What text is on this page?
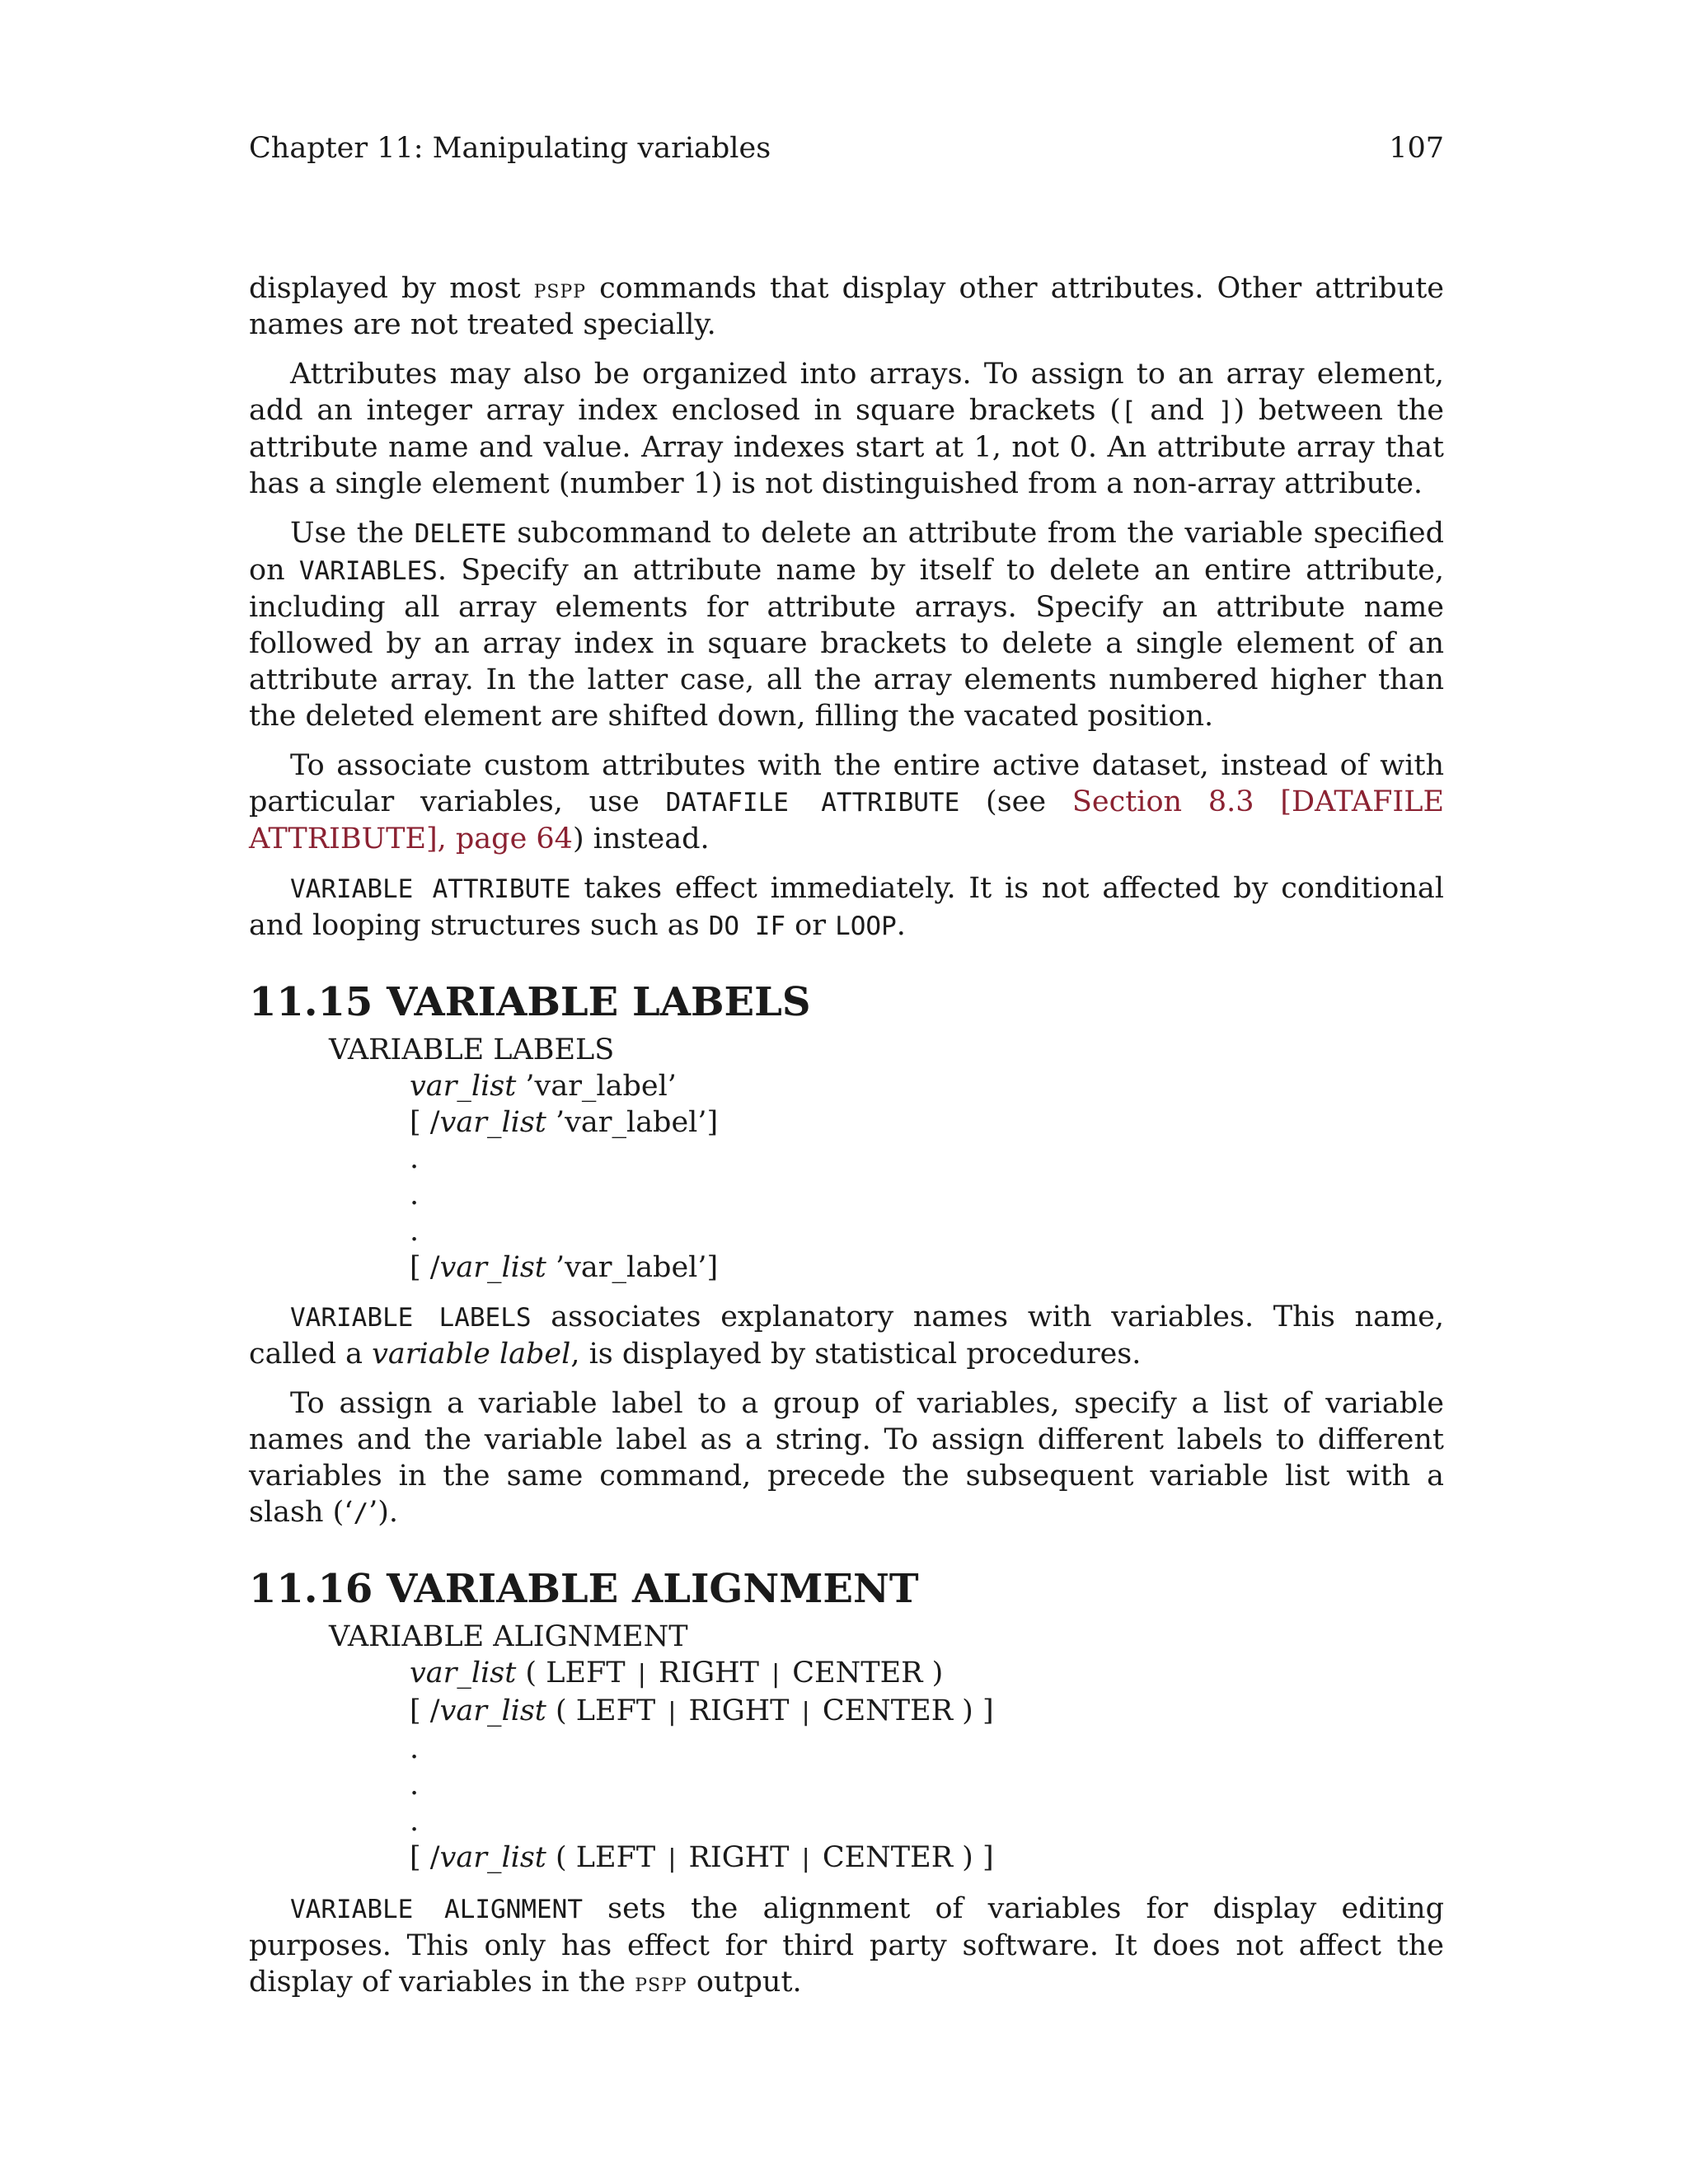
Chapter 11: Manipulating variables	107

displayed by most pspp commands that display other attributes. Other attribute names are not treated specially.

Attributes may also be organized into arrays. To assign to an array element, add an integer array index enclosed in square brackets ([ and ]) between the attribute name and value. Array indexes start at 1, not 0. An attribute array that has a single element (number 1) is not distinguished from a non-array attribute.

Use the DELETE subcommand to delete an attribute from the variable specified on VARIABLES. Specify an attribute name by itself to delete an entire attribute, including all array elements for attribute arrays. Specify an attribute name followed by an array index in square brackets to delete a single element of an attribute array. In the latter case, all the array elements numbered higher than the deleted element are shifted down, filling the vacated position.

To associate custom attributes with the entire active dataset, instead of with particular variables, use DATAFILE ATTRIBUTE (see Section 8.3 [DATAFILE ATTRIBUTE], page 64) instead.

VARIABLE ATTRIBUTE takes effect immediately. It is not affected by conditional and looping structures such as DO IF or LOOP.

11.15 VARIABLE LABELS
VARIABLE LABELS
var_list ’var_label’
[ /var_list ’var_label’]
.
.
.
[ /var_list ’var_label’]

VARIABLE LABELS associates explanatory names with variables. This name, called a variable label, is displayed by statistical procedures.

To assign a variable label to a group of variables, specify a list of variable names and the variable label as a string. To assign different labels to different variables in the same command, precede the subsequent variable list with a slash (‘/’).

11.16 VARIABLE ALIGNMENT
VARIABLE ALIGNMENT
var_list ( LEFT | RIGHT | CENTER )
[ /var_list ( LEFT | RIGHT | CENTER ) ]
.
.
.
[ /var_list ( LEFT | RIGHT | CENTER ) ]

VARIABLE ALIGNMENT sets the alignment of variables for display editing purposes. This only has effect for third party software. It does not affect the display of variables in the pspp output.
